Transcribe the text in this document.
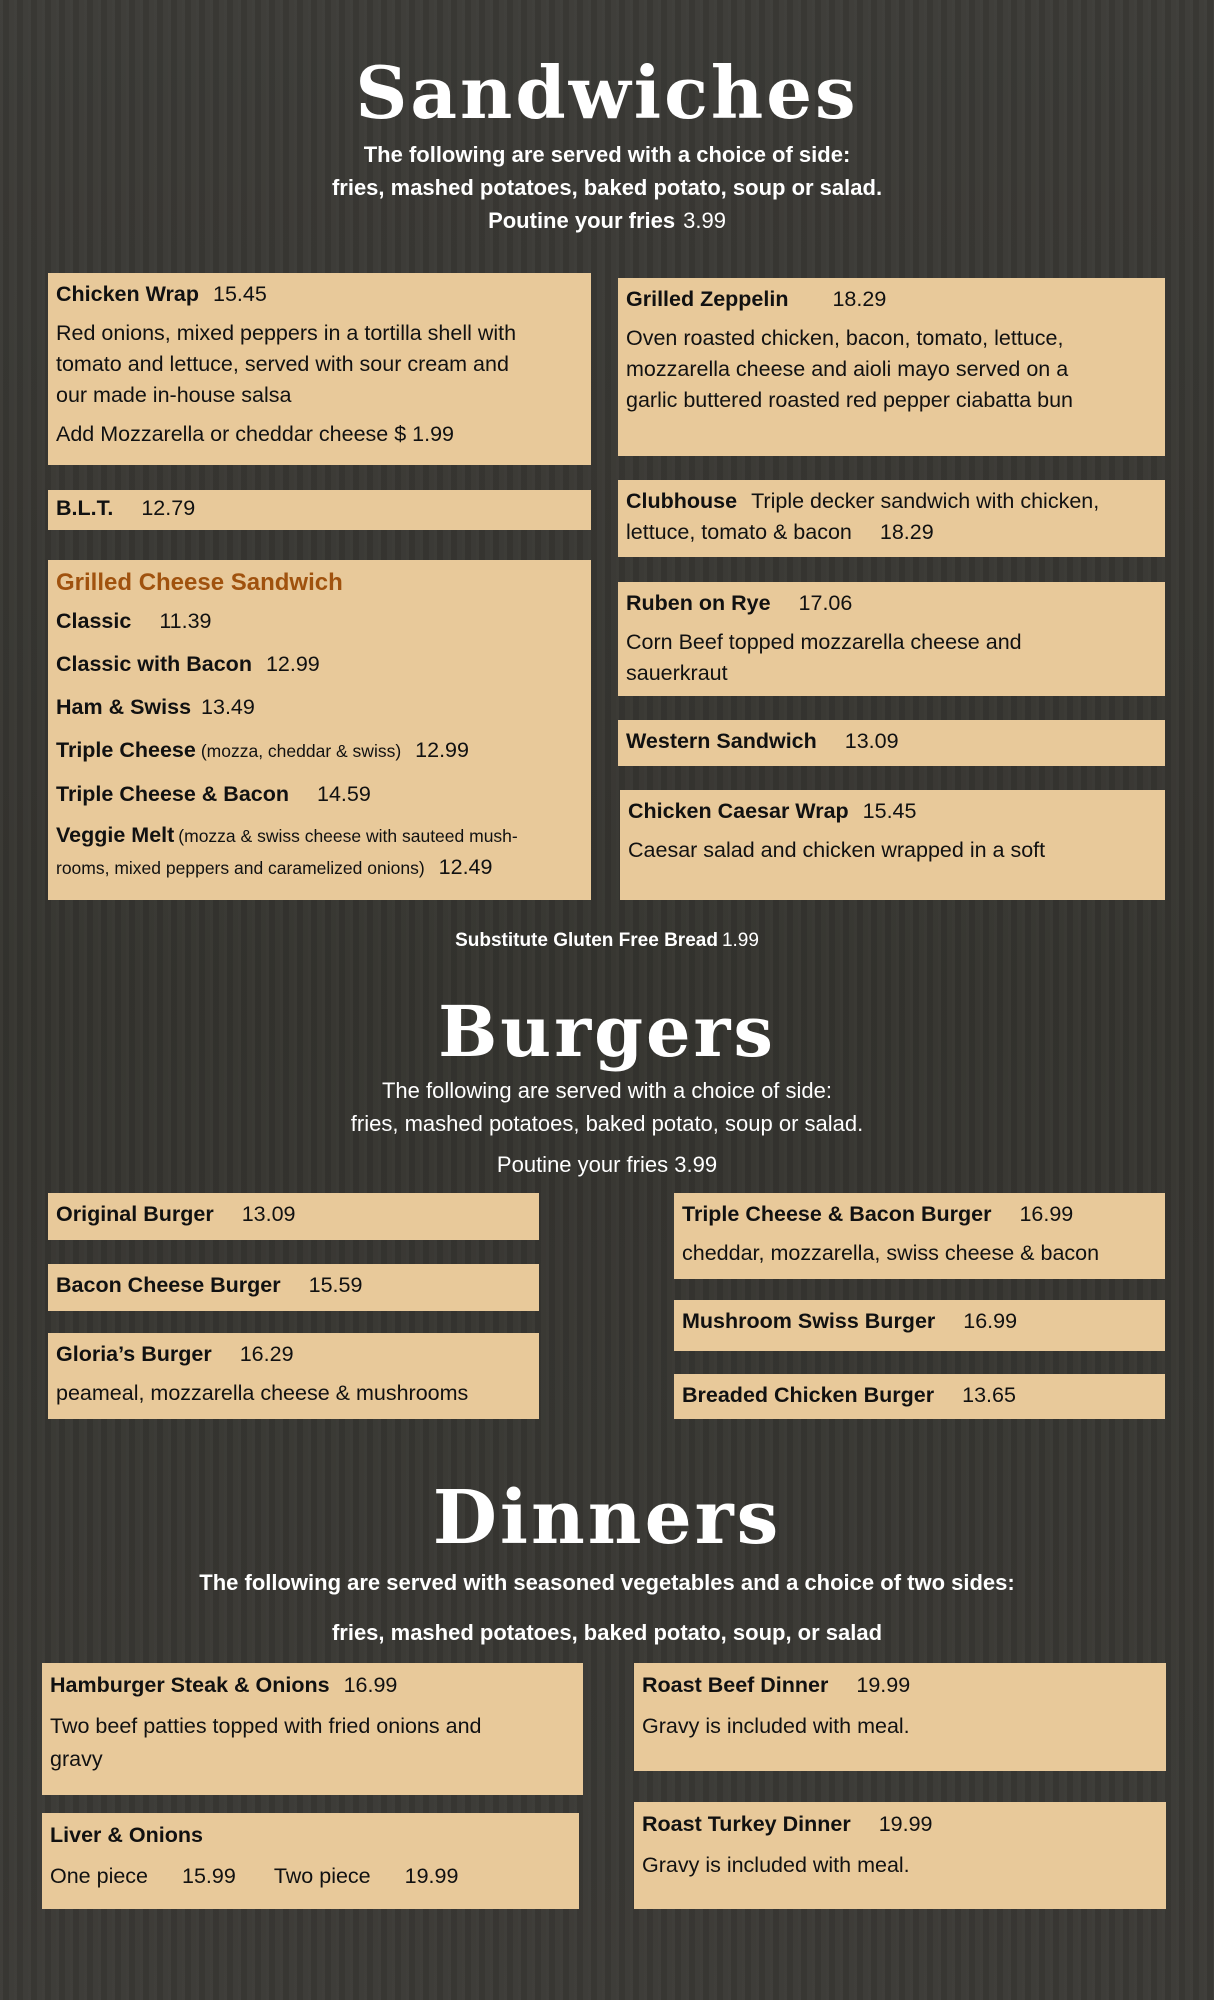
Sandwiches
The following are served with a choice of side:
fries, mashed potatoes, baked potato, soup or salad.
Poutine your fries 3.99
Chicken Wrap 15.45
Red onions, mixed peppers in a tortilla shell with
tomato and lettuce, served with sour cream and
our made in-house salsa
Add Mozzarella or cheddar cheese $ 1.99
B.L.T. 12.79
Grilled Cheese Sandwich
Classic 11.39
Classic with Bacon 12.99
Ham & Swiss 13.49
Triple Cheese (mozza, cheddar & swiss) 12.99
Triple Cheese & Bacon 14.59
Veggie Melt (mozza & swiss cheese with sauteed mush-
rooms, mixed peppers and caramelized onions) 12.49
Grilled Zeppelin 18.29
Oven roasted chicken, bacon, tomato, lettuce,
mozzarella cheese and aioli mayo served on a
garlic buttered roasted red pepper ciabatta bun
Clubhouse Triple decker sandwich with chicken,
lettuce, tomato & bacon 18.29
Ruben on Rye 17.06
Corn Beef topped mozzarella cheese and
sauerkraut
Western Sandwich 13.09
Chicken Caesar Wrap 15.45
Caesar salad and chicken wrapped in a soft
Substitute Gluten Free Bread 1.99
Burgers
The following are served with a choice of side:
fries, mashed potatoes, baked potato, soup or salad.
Poutine your fries 3.99
Original Burger 13.09
Bacon Cheese Burger 15.59
Gloria’s Burger 16.29
peameal, mozzarella cheese & mushrooms
Triple Cheese & Bacon Burger 16.99
cheddar, mozzarella, swiss cheese & bacon
Mushroom Swiss Burger 16.99
Breaded Chicken Burger 13.65
Dinners
The following are served with seasoned vegetables and a choice of two sides:
fries, mashed potatoes, baked potato, soup, or salad
Hamburger Steak & Onions 16.99
Two beef patties topped with fried onions and
gravy
Liver & Onions
One piece 15.99 Two piece 19.99
Roast Beef Dinner 19.99
Gravy is included with meal.
Roast Turkey Dinner 19.99
Gravy is included with meal.
